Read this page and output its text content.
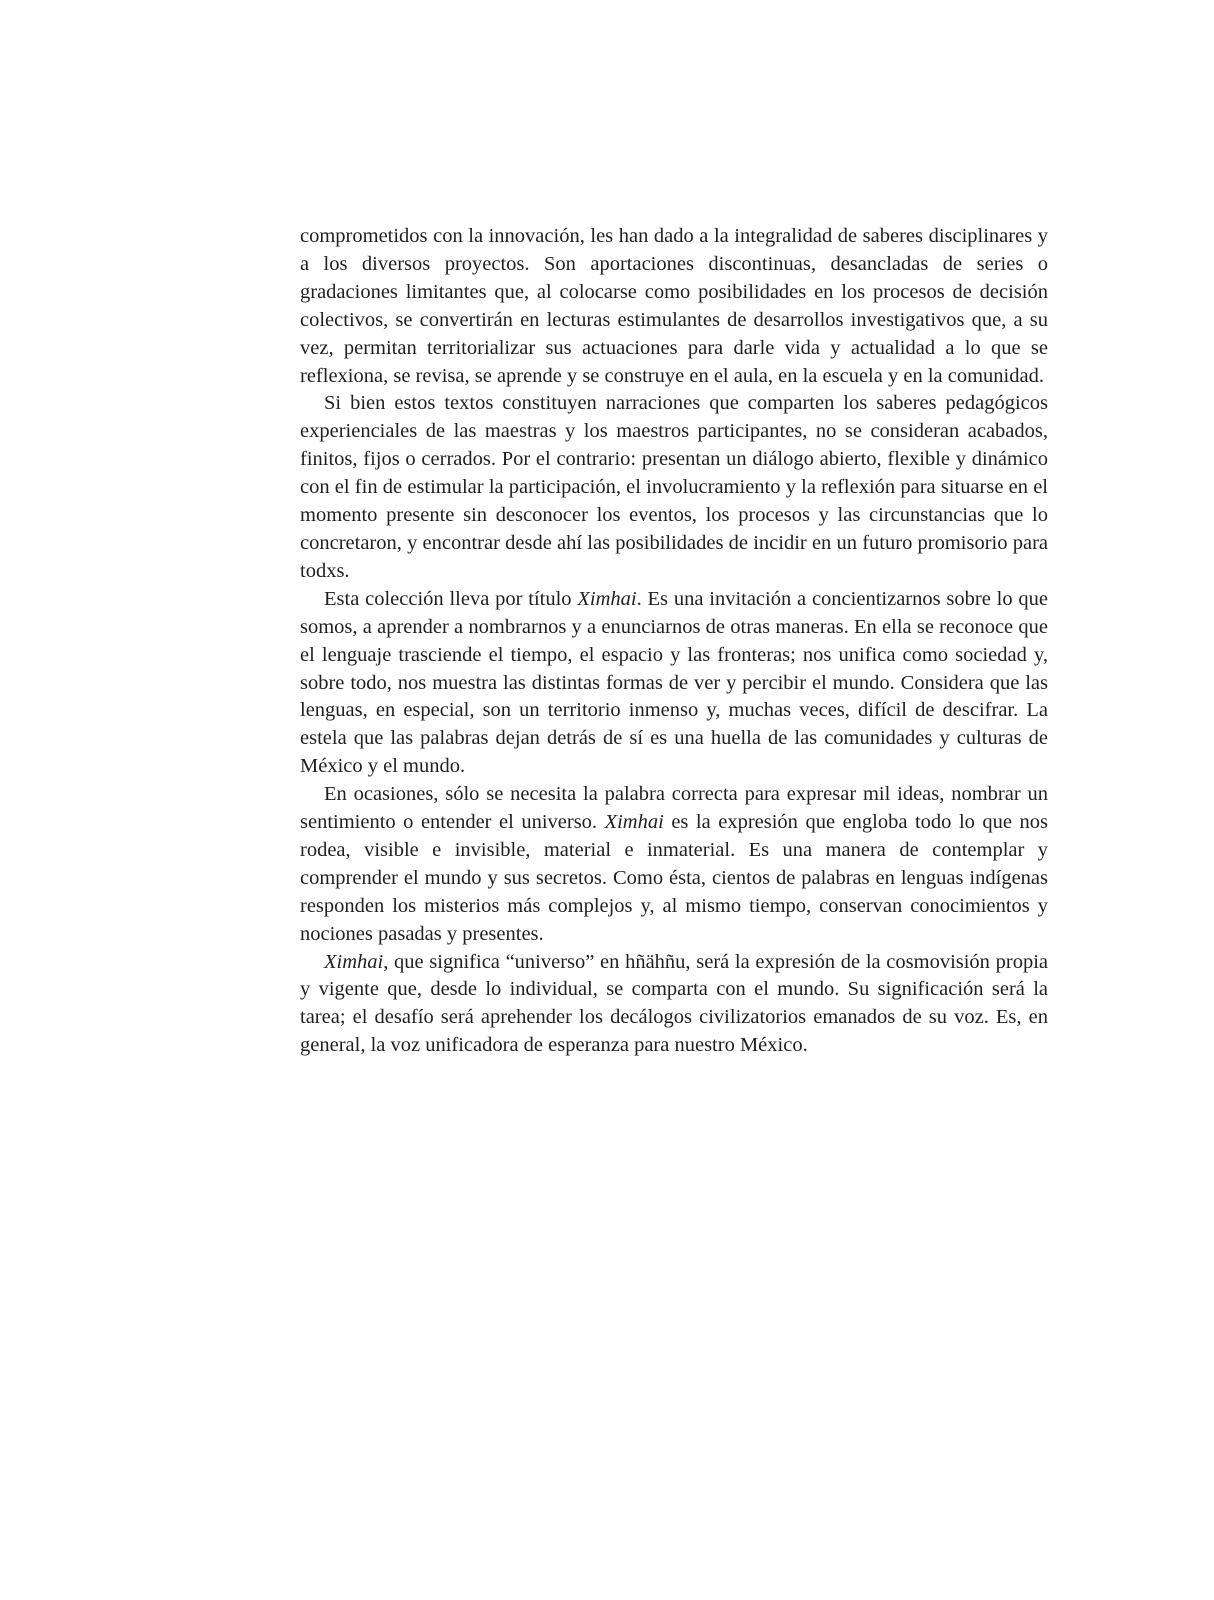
comprometidos con la innovación, les han dado a la integralidad de saberes disciplinares y a los diversos proyectos. Son aportaciones discontinuas, desancladas de series o gradaciones limitantes que, al colocarse como posibilidades en los procesos de decisión colectivos, se convertirán en lecturas estimulantes de desarrollos investigativos que, a su vez, permitan territorializar sus actuaciones para darle vida y actualidad a lo que se reflexiona, se revisa, se aprende y se construye en el aula, en la escuela y en la comunidad.

Si bien estos textos constituyen narraciones que comparten los saberes pedagógicos experienciales de las maestras y los maestros participantes, no se consideran acabados, finitos, fijos o cerrados. Por el contrario: presentan un diálogo abierto, flexible y dinámico con el fin de estimular la participación, el involucramiento y la reflexión para situarse en el momento presente sin desconocer los eventos, los procesos y las circunstancias que lo concretaron, y encontrar desde ahí las posibilidades de incidir en un futuro promisorio para todxs.

Esta colección lleva por título Ximhai. Es una invitación a concientizarnos sobre lo que somos, a aprender a nombrarnos y a enunciarnos de otras maneras. En ella se reconoce que el lenguaje trasciende el tiempo, el espacio y las fronteras; nos unifica como sociedad y, sobre todo, nos muestra las distintas formas de ver y percibir el mundo. Considera que las lenguas, en especial, son un territorio inmenso y, muchas veces, difícil de descifrar. La estela que las palabras dejan detrás de sí es una huella de las comunidades y culturas de México y el mundo.

En ocasiones, sólo se necesita la palabra correcta para expresar mil ideas, nombrar un sentimiento o entender el universo. Ximhai es la expresión que engloba todo lo que nos rodea, visible e invisible, material e inmaterial. Es una manera de contemplar y comprender el mundo y sus secretos. Como ésta, cientos de palabras en lenguas indígenas responden los misterios más complejos y, al mismo tiempo, conservan conocimientos y nociones pasadas y presentes.

Ximhai, que significa “universo” en hñähñu, será la expresión de la cosmovisión propia y vigente que, desde lo individual, se comparta con el mundo. Su significación será la tarea; el desafío será aprehender los decálogos civilizatorios emanados de su voz. Es, en general, la voz unificadora de esperanza para nuestro México.
